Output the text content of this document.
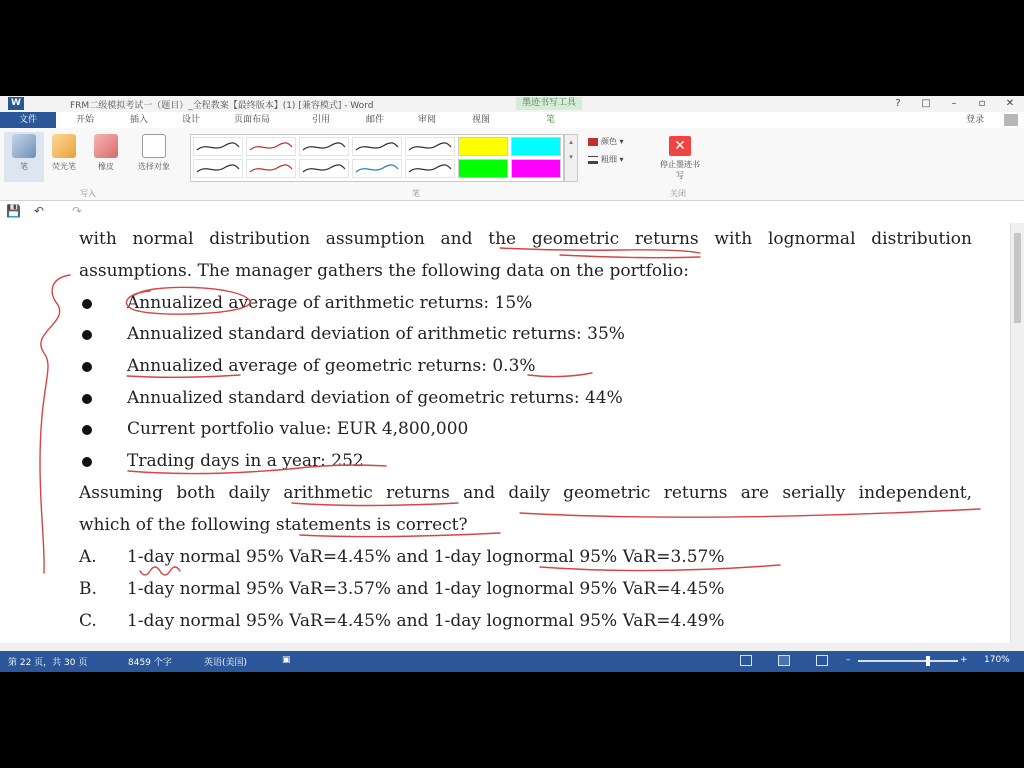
W	FRM二级模拟考试一（题目）_全程教案【最终版本】(1) [兼容模式] - Word	墨迹书写工具	?	□	–	▫	✕
文件	开始	插入	设计	页面布局	引用	邮件	审阅	视图	笔	登录
笔	荧光笔	橡皮	选择对象
写入
▴
▾
笔
颜色 ▾
粗细 ▾
✕
停止墨迹书写
关闭
💾 ↶ ↷
with normal distribution assumption and the geometric returns with lognormal distribution
assumptions. The manager gathers the following data on the portfolio:
Annualized average of arithmetic returns: 15%
Annualized standard deviation of arithmetic returns: 35%
Annualized average of geometric returns: 0.3%
Annualized standard deviation of geometric returns: 44%
Current portfolio value: EUR 4,800,000
Trading days in a year: 252
Assuming both daily arithmetic returns and daily geometric returns are serially independent,
which of the following statements is correct?
A. 1-day normal 95% VaR=4.45% and 1-day lognormal 95% VaR=3.57%
B. 1-day normal 95% VaR=3.57% and 1-day lognormal 95% VaR=4.45%
C. 1-day normal 95% VaR=4.45% and 1-day lognormal 95% VaR=4.49%
第 22 页，共 30 页	8459 个字	英语(美国)	▣	–	+ 170%
